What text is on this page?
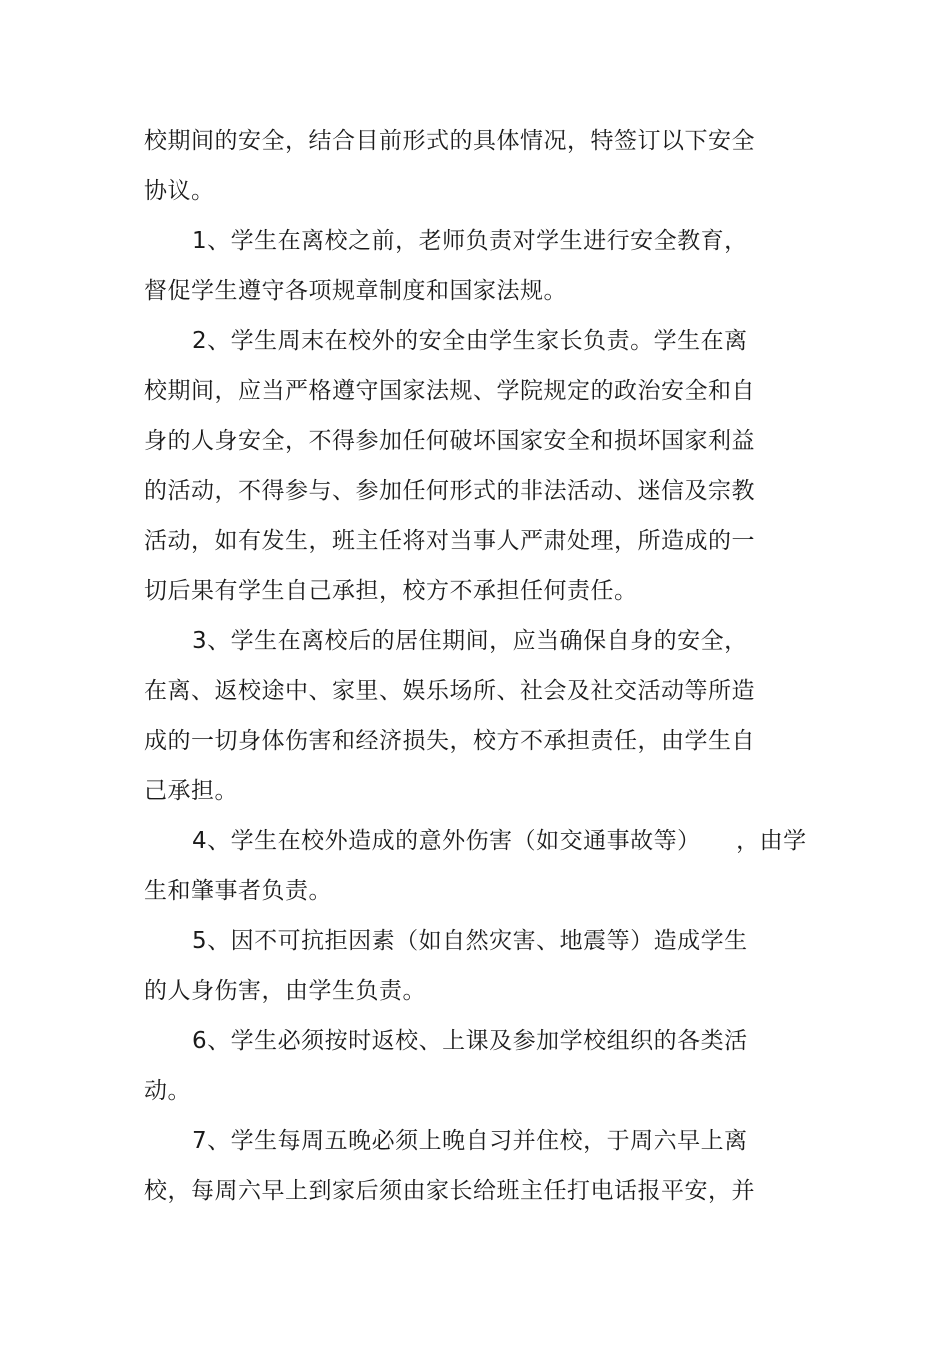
校期间的安全，结合目前形式的具体情况，特签订以下安全
协议。
1、学生在离校之前，老师负责对学生进行安全教育，
督促学生遵守各项规章制度和国家法规。
2、学生周末在校外的安全由学生家长负责。学生在离
校期间，应当严格遵守国家法规、学院规定的政治安全和自
身的人身安全，不得参加任何破坏国家安全和损坏国家利益
的活动，不得参与、参加任何形式的非法活动、迷信及宗教
活动，如有发生，班主任将对当事人严肃处理，所造成的一
切后果有学生自己承担，校方不承担任何责任。
3、学生在离校后的居住期间，应当确保自身的安全，
在离、返校途中、家里、娱乐场所、社会及社交活动等所造
成的一切身体伤害和经济损失，校方不承担责任，由学生自
己承担。
4、学生在校外造成的意外伤害（如交通事故等）　　，由学
生和肇事者负责。
5、因不可抗拒因素（如自然灾害、地震等）造成学生
的人身伤害，由学生负责。
6、学生必须按时返校、上课及参加学校组织的各类活
动。
7、学生每周五晚必须上晚自习并住校，于周六早上离
校，每周六早上到家后须由家长给班主任打电话报平安，并
